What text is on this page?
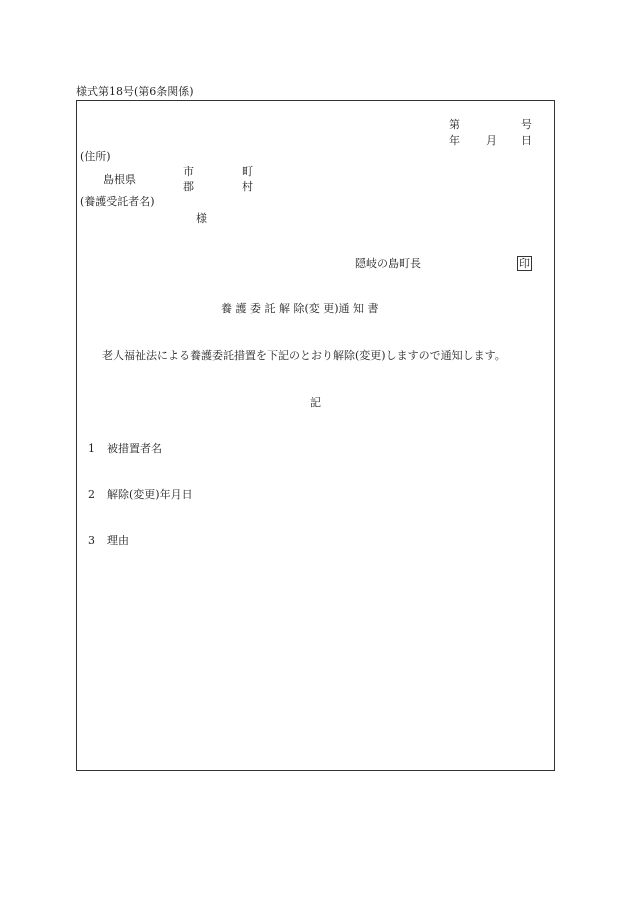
様式第18号(第6条関係)
第	号
年 月 日
(住所)
島根県
市
郡
町
村
(養護受託者名)
様
隠岐の島町長	印
養 護 委 託 解 除(変 更)通 知 書
老人福祉法による養護委託措置を下記のとおり解除(変更)しますので通知します。
記
1 被措置者名
2 解除(変更)年月日
3 理由
